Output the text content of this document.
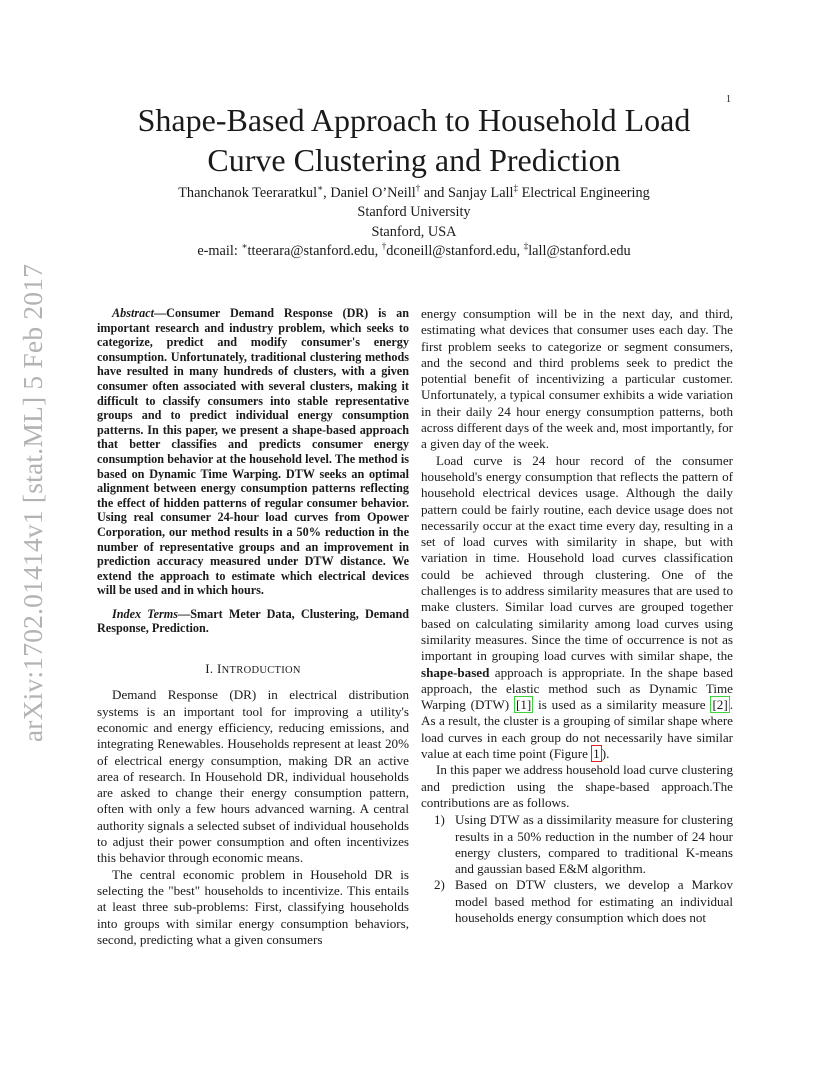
1
arXiv:1702.01414v1 [stat.ML] 5 Feb 2017
Shape-Based Approach to Household Load
Curve Clustering and Prediction
Thanchanok Teeraratkul∗, Daniel O’Neill† and Sanjay Lall‡ Electrical Engineering
Stanford University
Stanford, USA
e-mail: ∗tteerara@stanford.edu, †dconeill@stanford.edu, ‡lall@stanford.edu

Abstract—Consumer Demand Response (DR) is an important research and industry problem, which seeks to categorize, predict and modify consumer's energy consumption. Unfortunately, traditional clustering methods have resulted in many hundreds of clusters, with a given consumer often associated with several clusters, making it difficult to classify consumers into stable representative groups and to predict individual energy consumption patterns. In this paper, we present a shape-based approach that better classifies and predicts consumer energy consumption behavior at the household level. The method is based on Dynamic Time Warping. DTW seeks an optimal alignment between energy consumption patterns reflecting the effect of hidden patterns of regular consumer behavior. Using real consumer 24-hour load curves from Opower Corporation, our method results in a 50% reduction in the number of representative groups and an improvement in prediction accuracy measured under DTW distance. We extend the approach to estimate which electrical devices will be used and in which hours.

Index Terms—Smart Meter Data, Clustering, Demand Response, Prediction.

I. INTRODUCTION

Demand Response (DR) in electrical distribution systems is an important tool for improving a utility's economic and energy efficiency, reducing emissions, and integrating Renewables. Households represent at least 20% of electrical energy consumption, making DR an active area of research. In Household DR, individual households are asked to change their energy consumption pattern, often with only a few hours advanced warning. A central authority signals a selected subset of individual households to adjust their power consumption and often incentivizes this behavior through economic means.

The central economic problem in Household DR is selecting the "best" households to incentivize. This entails at least three sub-problems: First, classifying households into groups with similar energy consumption behaviors, second, predicting what a given consumers

energy consumption will be in the next day, and third, estimating what devices that consumer uses each day. The first problem seeks to categorize or segment consumers, and the second and third problems seek to predict the potential benefit of incentivizing a particular customer. Unfortunately, a typical consumer exhibits a wide variation in their daily 24 hour energy consumption patterns, both across different days of the week and, most importantly, for a given day of the week.

Load curve is 24 hour record of the consumer household's energy consumption that reflects the pattern of household electrical devices usage. Although the daily pattern could be fairly routine, each device usage does not necessarily occur at the exact time every day, resulting in a set of load curves with similarity in shape, but with variation in time. Household load curves classification could be achieved through clustering. One of the challenges is to address similarity measures that are used to make clusters. Similar load curves are grouped together based on calculating similarity among load curves using similarity measures. Since the time of occurrence is not as important in grouping load curves with similar shape, the shape-based approach is appropriate. In the shape based approach, the elastic method such as Dynamic Time Warping (DTW) [1] is used as a similarity measure [2] . As a result, the cluster is a grouping of similar shape where load curves in each group do not necessarily have similar value at each time point (Figure 1 ).

In this paper we address household load curve clustering and prediction using the shape-based approach.The contributions are as follows.

1) Using DTW as a dissimilarity measure for clustering results in a 50% reduction in the number of 24 hour energy clusters, compared to traditional K-means and gaussian based E&M algorithm.
2) Based on DTW clusters, we develop a Markov model based method for estimating an individual households energy consumption which does not
